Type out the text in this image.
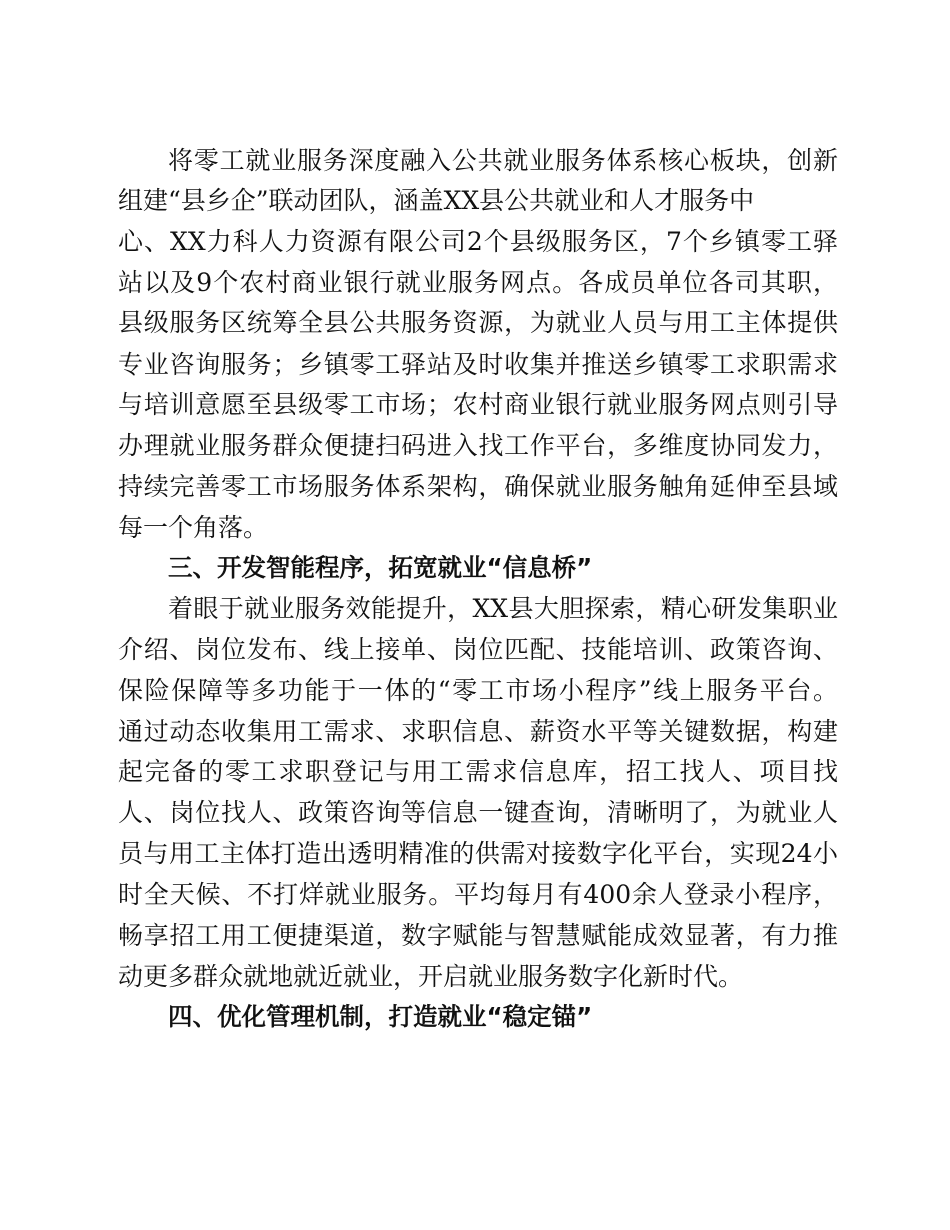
将零工就业服务深度融入公共就业服务体系核心板块，创新
组建“县乡企”联动团队，涵盖XX县公共就业和人才服务中
心、XX力科人力资源有限公司2个县级服务区，7个乡镇零工驿
站以及9个农村商业银行就业服务网点。各成员单位各司其职，
县级服务区统筹全县公共服务资源，为就业人员与用工主体提供
专业咨询服务；乡镇零工驿站及时收集并推送乡镇零工求职需求
与培训意愿至县级零工市场；农村商业银行就业服务网点则引导
办理就业服务群众便捷扫码进入找工作平台，多维度协同发力，
持续完善零工市场服务体系架构，确保就业服务触角延伸至县域
每一个角落。
三、开发智能程序，拓宽就业“信息桥”
着眼于就业服务效能提升，XX县大胆探索，精心研发集职业
介绍、岗位发布、线上接单、岗位匹配、技能培训、政策咨询、
保险保障等多功能于一体的“零工市场小程序”线上服务平台。
通过动态收集用工需求、求职信息、薪资水平等关键数据，构建
起完备的零工求职登记与用工需求信息库，招工找人、项目找
人、岗位找人、政策咨询等信息一键查询，清晰明了，为就业人
员与用工主体打造出透明精准的供需对接数字化平台，实现24小
时全天候、不打烊就业服务。平均每月有400余人登录小程序，
畅享招工用工便捷渠道，数字赋能与智慧赋能成效显著，有力推
动更多群众就地就近就业，开启就业服务数字化新时代。
四、优化管理机制，打造就业“稳定锚”
